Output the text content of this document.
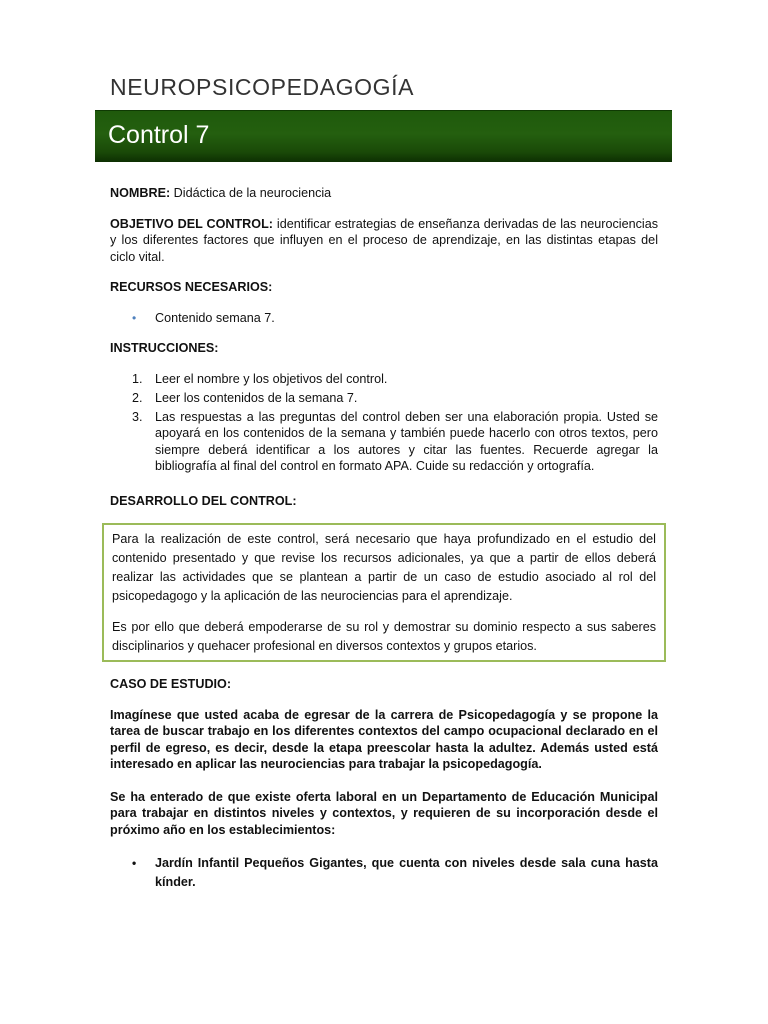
NEUROPSICOPEDAGOGÍA
Control 7

NOMBRE: Didáctica de la neurociencia

OBJETIVO DEL CONTROL: identificar estrategias de enseñanza derivadas de las neurociencias y los diferentes factores que influyen en el proceso de aprendizaje, en las distintas etapas del ciclo vital.

RECURSOS NECESARIOS:

• Contenido semana 7.

INSTRUCCIONES:

1. Leer el nombre y los objetivos del control.
2. Leer los contenidos de la semana 7.
3. Las respuestas a las preguntas del control deben ser una elaboración propia. Usted se apoyará en los contenidos de la semana y también puede hacerlo con otros textos, pero siempre deberá identificar a los autores y citar las fuentes. Recuerde agregar la bibliografía al final del control en formato APA. Cuide su redacción y ortografía.

DESARROLLO DEL CONTROL:

Para la realización de este control, será necesario que haya profundizado en el estudio del contenido presentado y que revise los recursos adicionales, ya que a partir de ellos deberá realizar las actividades que se plantean a partir de un caso de estudio asociado al rol del psicopedagogo y la aplicación de las neurociencias para el aprendizaje.

Es por ello que deberá empoderarse de su rol y demostrar su dominio respecto a sus saberes disciplinarios y quehacer profesional en diversos contextos y grupos etarios.

CASO DE ESTUDIO:

Imagínese que usted acaba de egresar de la carrera de Psicopedagogía y se propone la tarea de buscar trabajo en los diferentes contextos del campo ocupacional declarado en el perfil de egreso, es decir, desde la etapa preescolar hasta la adultez. Además usted está interesado en aplicar las neurociencias para trabajar la psicopedagogía.

Se ha enterado de que existe oferta laboral en un Departamento de Educación Municipal para trabajar en distintos niveles y contextos, y requieren de su incorporación desde el próximo año en los establecimientos:

• Jardín Infantil Pequeños Gigantes, que cuenta con niveles desde sala cuna hasta kínder.
